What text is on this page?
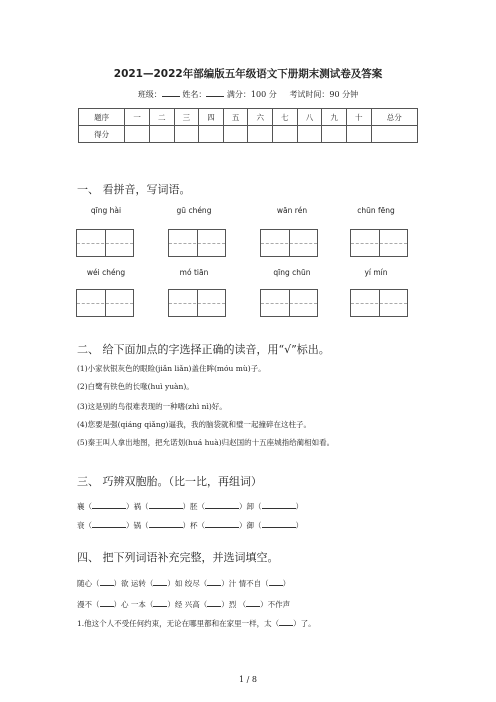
2021—2022年部编版五年级语文下册期末测试卷及答案
班级：	姓名：	满分：100 分 考试时间：90 分钟
题序	一	二	三	四	五	六	七	八	九	十	总分
得分											
一、 看拼音，写词语。
qīng hài	gū chéng	wān rén	chūn fēng
wéi chéng	mó tiān	qīng chūn	yí mín
二、 给下面加点的字选择正确的读音，用“√”标出。
(1)小家伙银灰色的眼睑(jiǎn liǎn)盖住眸(móu mù)子。
(2)白鹭有铁色的长喙(huì yuàn)。
(3)这是别的鸟很难表现的一种嗜(zhì nì)好。
(4)您要是强(qiáng qiǎng)逼我，我的脑袋就和璧一起撞碎在这柱子。
(5)秦王叫人拿出地图，把允诺划(huá huà)归赵国的十五座城指给蔺相如看。
三、 巧辨双胞胎。（比一比，再组词）
襄（	）祸（	）胚（	）卸（	）
衰（	）锅（	）杯（	）御（	）
四、 把下列词语补充完整，并选词填空。
随心（ ）欲 运转（ ）如 绞尽（ ）汁 情不自（ ）
漫不（ ）心 一本（ ）经 兴高（ ）烈 （ ）不作声
1.他这个人不受任何约束，无论在哪里都和在家里一样，太（ ）了。
1 / 8
